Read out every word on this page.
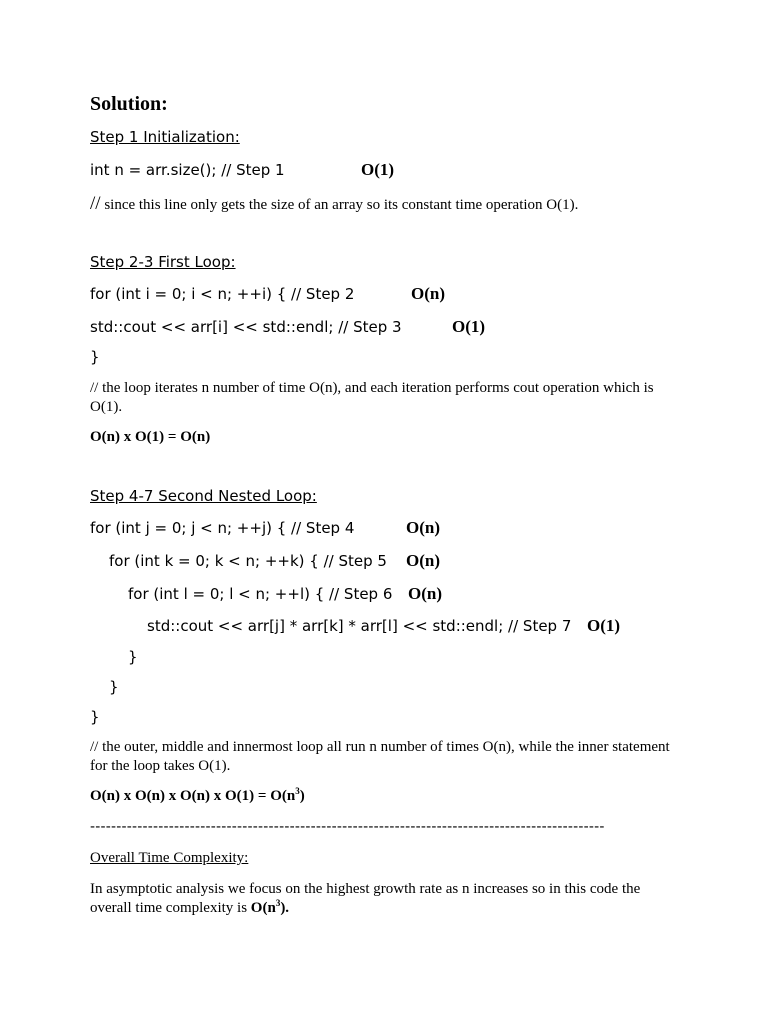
Solution:
Step 1 Initialization:
int n = arr.size(); // Step 1	O(1)
// since this line only gets the size of an array so its constant time operation O(1).
Step 2-3 First Loop:
for (int i = 0; i < n; ++i) { // Step 2	O(n)
std::cout << arr[i] << std::endl; // Step 3	O(1)
}
// the loop iterates n number of time O(n), and each iteration performs cout operation which is O(1).
O(n) x O(1) = O(n)
Step 4-7 Second Nested Loop:
for (int j = 0; j < n; ++j) { // Step 4	O(n)
for (int k = 0; k < n; ++k) { // Step 5 O(n)
for (int l = 0; l < n; ++l) { // Step 6 O(n)
std::cout << arr[j] * arr[k] * arr[l] << std::endl; // Step 7 O(1)
}
}
}
// the outer, middle and innermost loop all run n number of times O(n), while the inner statement for the loop takes O(1).
O(n) x O(n) x O(n) x $O(1) = O(n^3)$
--------------------------------------------------------------------------------------------------
Overall Time Complexity:
In asymptotic analysis we focus on the highest growth rate as n increases so in this code the overall time complexity is $O(n^3)$.
